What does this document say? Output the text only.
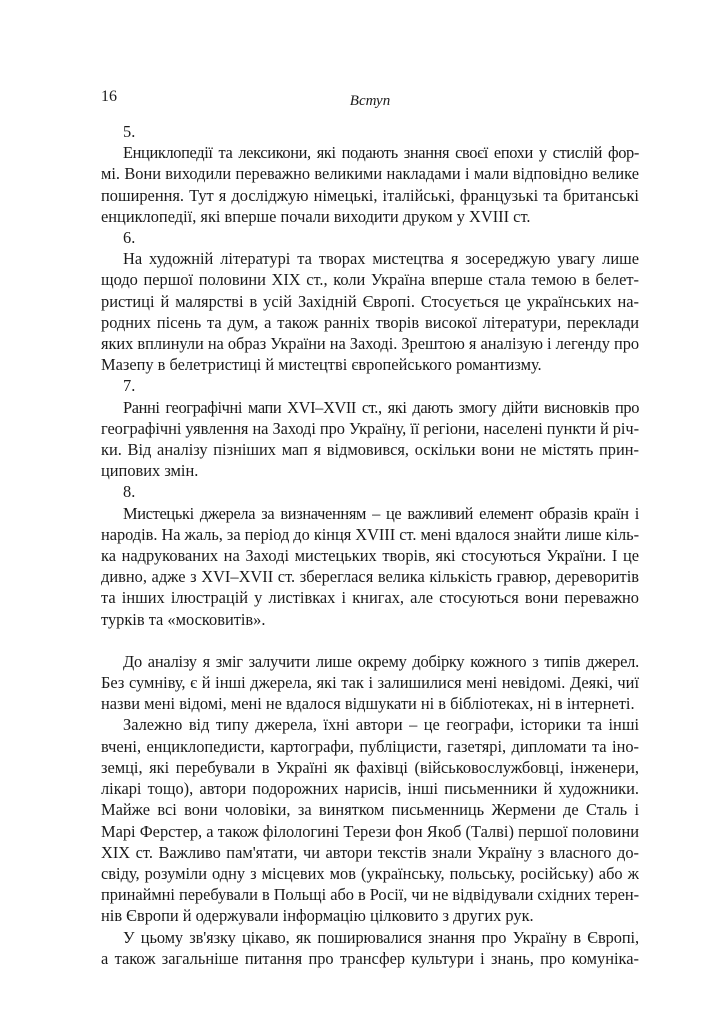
16	Вступ
5.
Енциклопедії та лексикони, які подають знання своєї епохи у стислій фор-
мі. Вони виходили переважно великими накладами і мали відповідно велике
поширення. Тут я досліджую німецькі, італійські, французькі та британські
енциклопедії, які вперше почали виходити друком у XVIII ст.
6.
На художній літературі та творах мистецтва я зосереджую увагу лише
щодо першої половини XIX ст., коли Україна вперше стала темою в белет-
ристиці й малярстві в усій Західній Європі. Стосується це українських на-
родних пісень та дум, а також ранніх творів високої літератури, переклади
яких вплинули на образ України на Заході. Зрештою я аналізую і легенду про
Мазепу в белетристиці й мистецтві європейського романтизму.
7.
Ранні географічні мапи XVI–XVII ст., які дають змогу дійти висновків про
географічні уявлення на Заході про Україну, її регіони, населені пункти й річ-
ки. Від аналізу пізніших мап я відмовився, оскільки вони не містять прин-
ципових змін.
8.
Мистецькі джерела за визначенням – це важливий елемент образів країн і
народів. На жаль, за період до кінця XVIII ст. мені вдалося знайти лише кіль-
ка надрукованих на Заході мистецьких творів, які стосуються України. І це
дивно, адже з XVI–XVII ст. збереглася велика кількість гравюр, дереворитів
та інших ілюстрацій у листівках і книгах, але стосуються вони переважно
турків та «московитів».
До аналізу я зміг залучити лише окрему добірку кожного з типів джерел.
Без сумніву, є й інші джерела, які так і залишилися мені невідомі. Деякі, чиї
назви мені відомі, мені не вдалося відшукати ні в бібліотеках, ні в інтернеті.
Залежно від типу джерела, їхні автори – це географи, історики та інші
вчені, енциклопедисти, картографи, публіцисти, газетярі, дипломати та іно-
земці, які перебували в Україні як фахівці (військовослужбовці, інженери,
лікарі тощо), автори подорожних нарисів, інші письменники й художники.
Майже всі вони чоловіки, за винятком письменниць Жермени де Сталь і
Марі Ферстер, а також філологині Терези фон Якоб (Талві) першої половини
XIX ст. Важливо пам'ятати, чи автори текстів знали Україну з власного до-
свіду, розуміли одну з місцевих мов (українську, польську, російську) або ж
принаймні перебували в Польщі або в Росії, чи не відвідували східних терен-
нів Європи й одержували інформацію цілковито з других рук.
У цьому зв'язку цікаво, як поширювалися знання про Україну в Європі,
а також загальніше питання про трансфер культури і знань, про комуніка-
